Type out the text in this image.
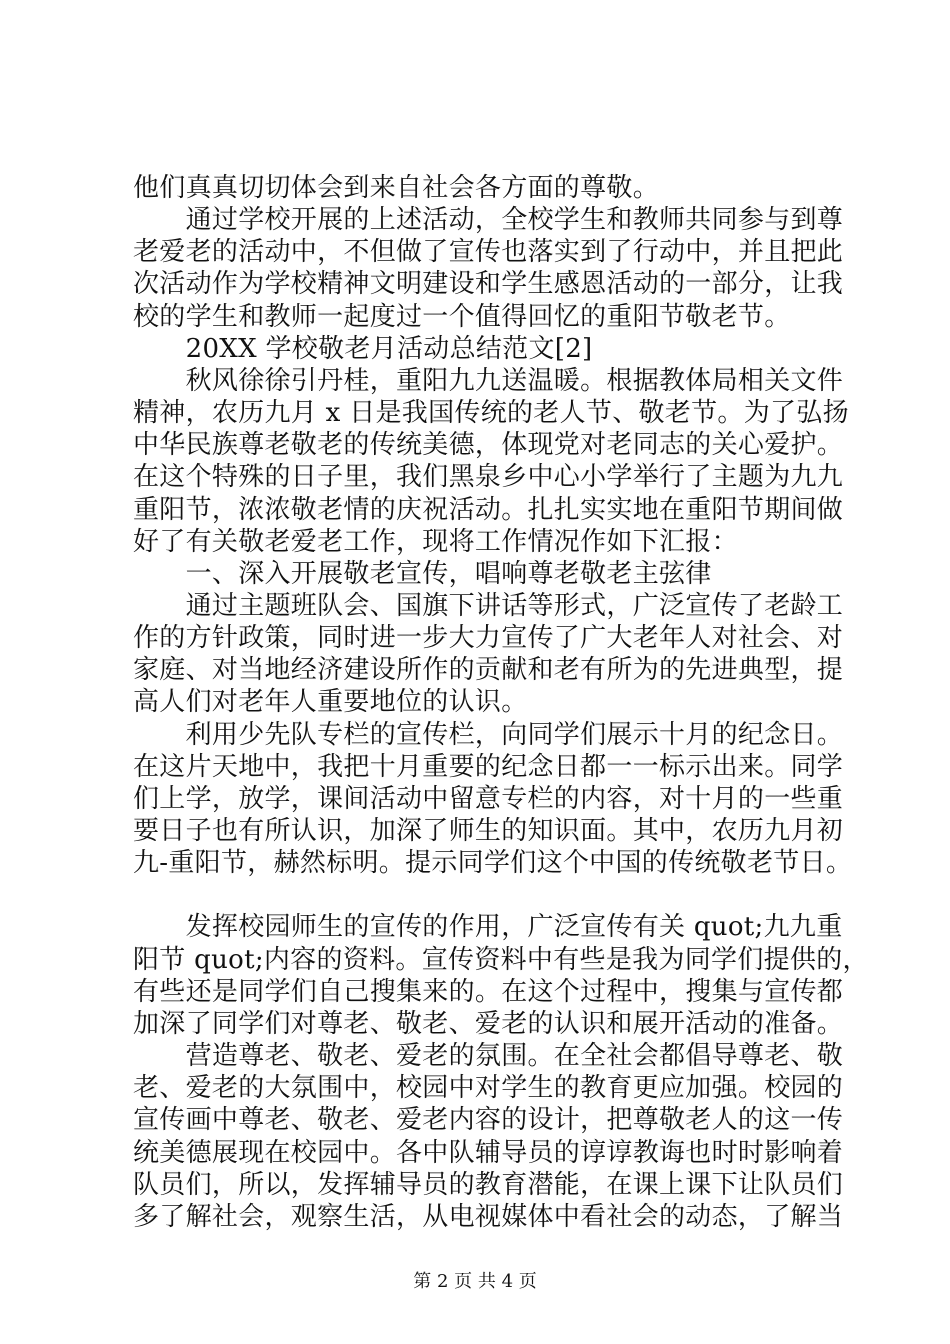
他们真真切切体会到来自社会各方面的尊敬。
　　通过学校开展的上述活动，全校学生和教师共同参与到尊
老爱老的活动中，不但做了宣传也落实到了行动中，并且把此
次活动作为学校精神文明建设和学生感恩活动的一部分，让我
校的学生和教师一起度过一个值得回忆的重阳节敬老节。
　　20XX 学校敬老月活动总结范文[2]
　　秋风徐徐引丹桂，重阳九九送温暖。根据教体局相关文件
精神，农历九月 x 日是我国传统的老人节、敬老节。为了弘扬
中华民族尊老敬老的传统美德，体现党对老同志的关心爱护。
在这个特殊的日子里，我们黑泉乡中心小学举行了主题为九九
重阳节，浓浓敬老情的庆祝活动。扎扎实实地在重阳节期间做
好了有关敬老爱老工作，现将工作情况作如下汇报：
　　一、深入开展敬老宣传，唱响尊老敬老主弦律
　　通过主题班队会、国旗下讲话等形式，广泛宣传了老龄工
作的方针政策，同时进一步大力宣传了广大老年人对社会、对
家庭、对当地经济建设所作的贡献和老有所为的先进典型，提
高人们对老年人重要地位的认识。
　　利用少先队专栏的宣传栏，向同学们展示十月的纪念日。
在这片天地中，我把十月重要的纪念日都一一标示出来。同学
们上学，放学，课间活动中留意专栏的内容，对十月的一些重
要日子也有所认识，加深了师生的知识面。其中，农历九月初
九-重阳节，赫然标明。提示同学们这个中国的传统敬老节日。
　　发挥校园师生的宣传的作用，广泛宣传有关 quot;九九重
阳节 quot;内容的资料。宣传资料中有些是我为同学们提供的，
有些还是同学们自己搜集来的。在这个过程中，搜集与宣传都
加深了同学们对尊老、敬老、爱老的认识和展开活动的准备。
　　营造尊老、敬老、爱老的氛围。在全社会都倡导尊老、敬
老、爱老的大氛围中，校园中对学生的教育更应加强。校园的
宣传画中尊老、敬老、爱老内容的设计，把尊敬老人的这一传
统美德展现在校园中。各中队辅导员的谆谆教诲也时时影响着
队员们，所以，发挥辅导员的教育潜能，在课上课下让队员们
多了解社会，观察生活，从电视媒体中看社会的动态，了解当
第 2 页 共 4 页
